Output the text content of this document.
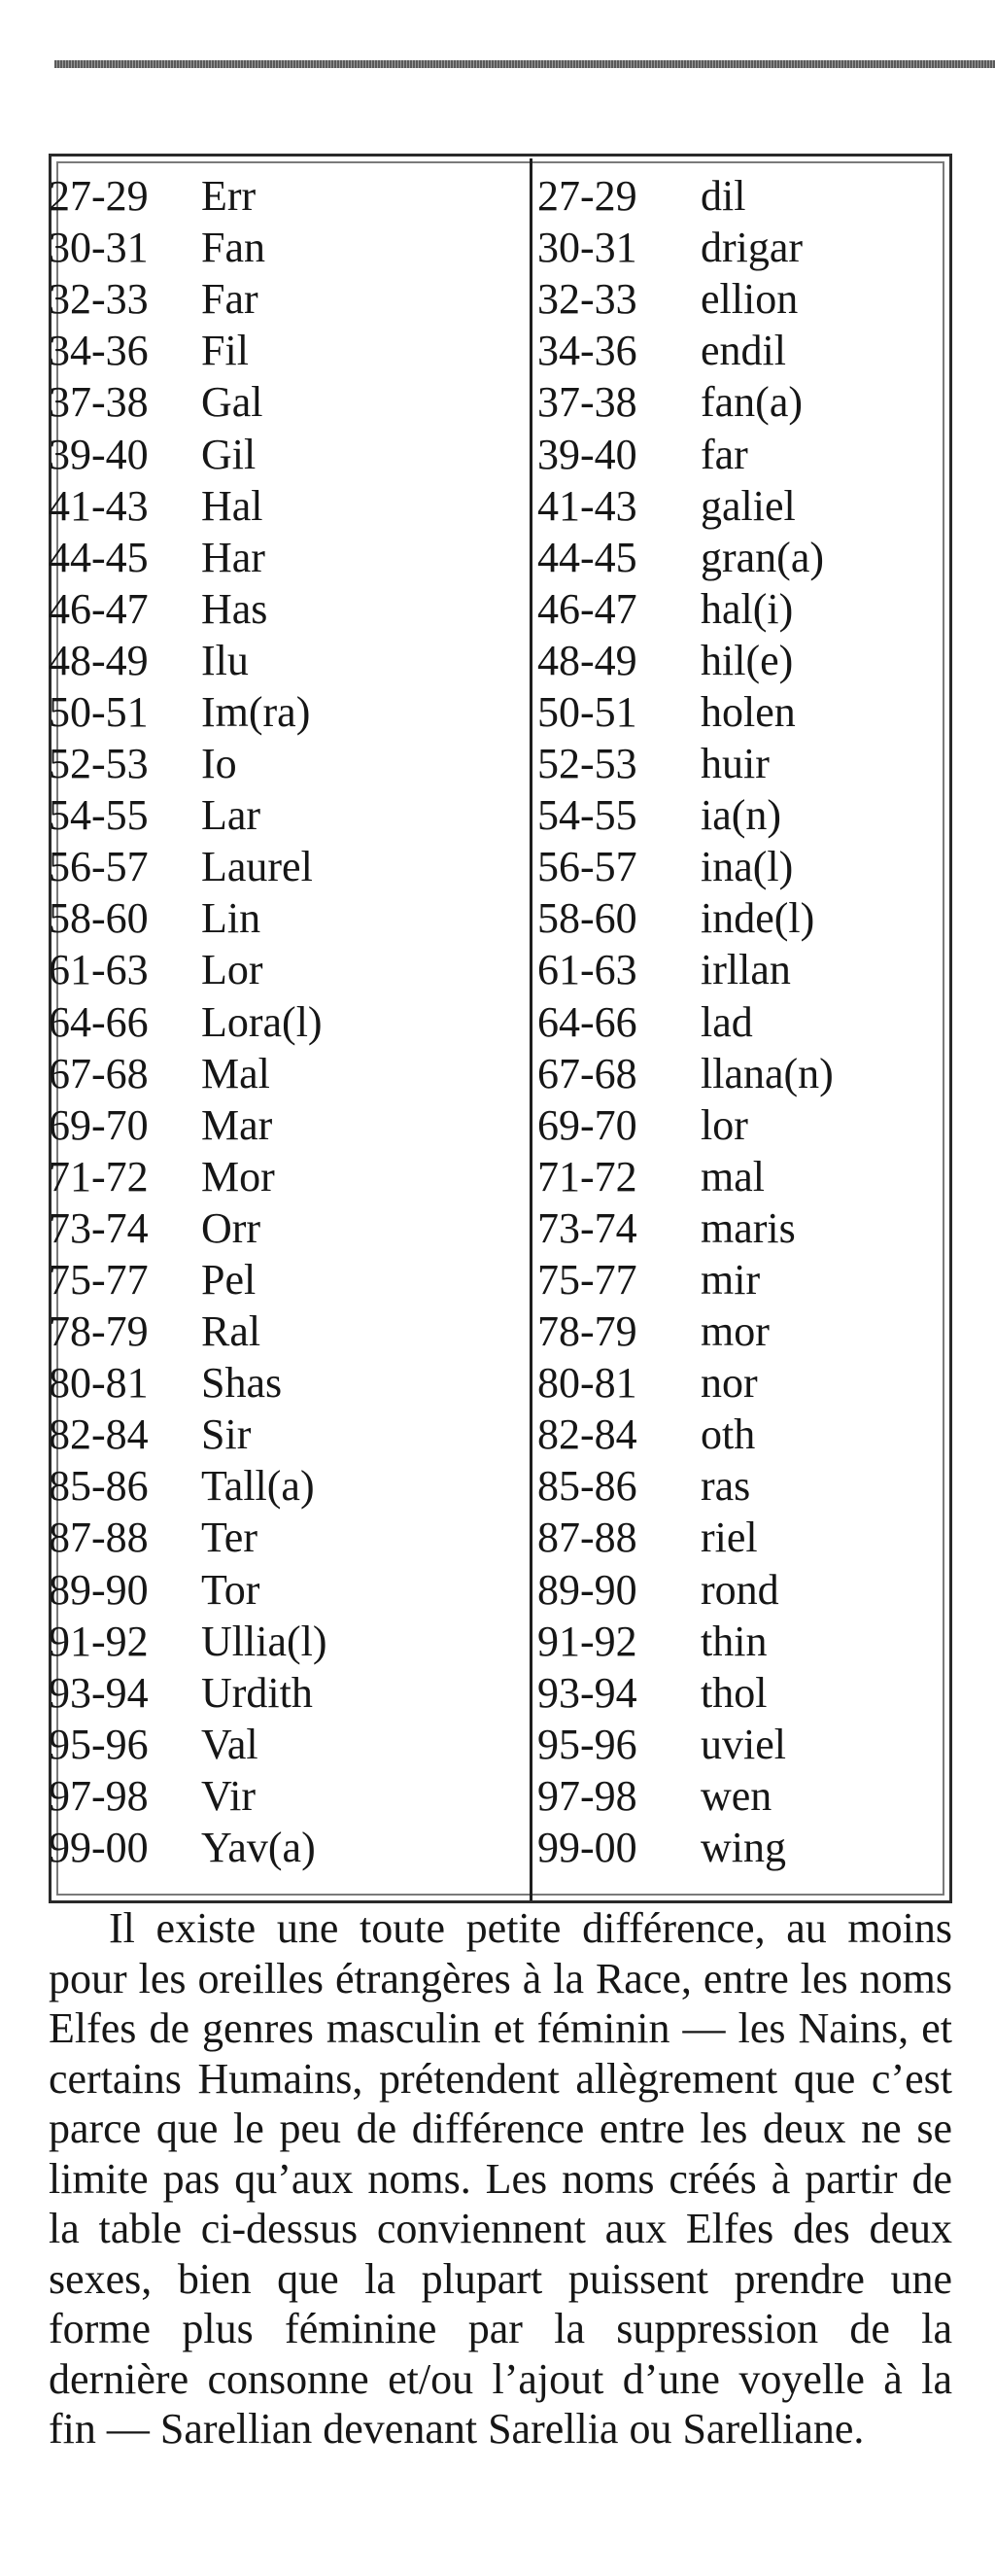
27-29	Err	27-29	dil
30-31	Fan	30-31	drigar
32-33	Far	32-33	ellion
34-36	Fil	34-36	endil
37-38	Gal	37-38	fan(a)
39-40	Gil	39-40	far
41-43	Hal	41-43	galiel
44-45	Har	44-45	gran(a)
46-47	Has	46-47	hal(i)
48-49	Ilu	48-49	hil(e)
50-51	Im(ra)	50-51	holen
52-53	Io	52-53	huir
54-55	Lar	54-55	ia(n)
56-57	Laurel	56-57	ina(l)
58-60	Lin	58-60	inde(l)
61-63	Lor	61-63	irllan
64-66	Lora(l)	64-66	lad
67-68	Mal	67-68	llana(n)
69-70	Mar	69-70	lor
71-72	Mor	71-72	mal
73-74	Orr	73-74	maris
75-77	Pel	75-77	mir
78-79	Ral	78-79	mor
80-81	Shas	80-81	nor
82-84	Sir	82-84	oth
85-86	Tall(a)	85-86	ras
87-88	Ter	87-88	riel
89-90	Tor	89-90	rond
91-92	Ullia(l)	91-92	thin
93-94	Urdith	93-94	thol
95-96	Val	95-96	uviel
97-98	Vir	97-98	wen
99-00	Yav(a)	99-00	wing

Il existe une toute petite différence, au moins pour les oreilles étrangères à la Race, entre les noms Elfes de genres masculin et féminin — les Nains, et certains Humains, prétendent allègrement que c’est parce que le peu de différence entre les deux ne se limite pas qu’aux noms. Les noms créés à partir de la table ci-dessus conviennent aux Elfes des deux sexes, bien que la plupart puissent prendre une forme plus féminine par la suppression de la dernière consonne et/ou l’ajout d’une voyelle à la fin — Sarellian devenant Sarellia ou Sarelliane.
